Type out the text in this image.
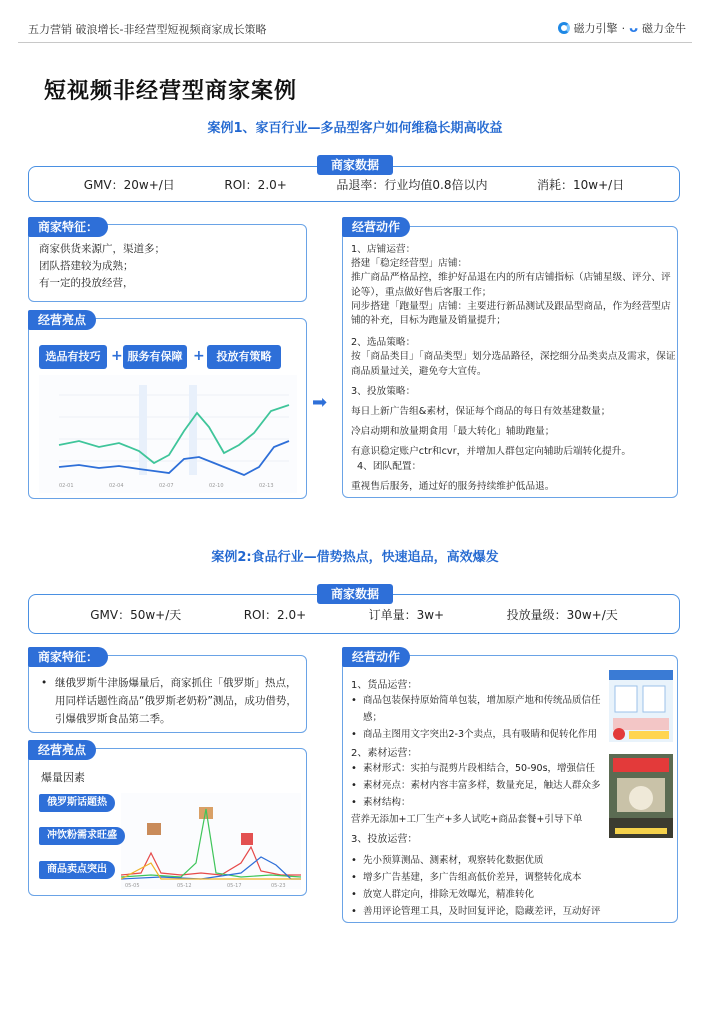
五力营销 破浪增长-非经营型短视频商家成长策略	磁力引擎 · ᴗ 磁力金牛
短视频非经营型商家案例
案例1、家百行业—多品型客户如何维稳长期高收益
GMV：20w+/日	ROI：2.0+	品退率：行业均值0.8倍以内	消耗：10w+/日
商家数据
商家供货来源广，渠道多；
团队搭建较为成熟；
有一定的投放经营，
商家特征：
选品有技巧 + 服务有保障 +	投放有策略
02-01	02-04	02-07	02-10	02-13
经营亮点
➡
1、店铺运营：
搭建「稳定经营型」店铺：
推广商品严格品控，维护好品退在内的所有店铺指标（店铺星级、评分、评论等），重点做好售后客服工作；
同步搭建「跑量型」店铺：主要进行新品测试及跟品型商品，作为经营型店铺的补充，目标为跑量及销量提升；
2、选品策略：
按「商品类目」「商品类型」划分选品路径，深挖细分品类卖点及需求，保证商品质量过关，避免夸大宣传。
3、投放策略：
每日上新广告组&素材，保证每个商品的每日有效基建数量；
冷启动期和放量期食用「最大转化」辅助跑量；
有意识稳定账户ctr和cvr，并增加人群包定向辅助后端转化提升。
4、团队配置：
重视售后服务，通过好的服务持续维护低品退。
经营动作
案例2:食品行业—借势热点，快速追品，高效爆发
GMV：50w+/天	ROI：2.0+	订单量：3w+	投放量级：30w+/天
商家数据
• 继俄罗斯牛津肠爆量后，商家抓住「俄罗斯」热点，用同样话题性商品“俄罗斯老奶粉”测品，成功借势，引爆俄罗斯食品第二季。
商家特征：
爆量因素
05-05	05-12	05-17	05-23
俄罗斯话题热
冲饮粉需求旺盛
商品卖点突出
经营亮点
1、货品运营：
• 商品包装保持原始简单包装，增加原产地和传统品质信任感；
• 商品主图用文字突出2-3个卖点，具有吸睛和促转化作用
2、素材运营：
• 素材形式：实拍与混剪片段相结合，50-90s，增强信任
• 素材亮点：素材内容丰富多样，数量充足，触达人群众多
• 素材结构：
营养无添加+工厂生产+多人试吃+商品套餐+引导下单
3、投放运营：
• 先小预算测品、测素材，观察转化数据优质
• 增多广告基建，多广告组高低价差异，调整转化成本
• 放宽人群定向，排除无效曝光，精准转化
• 善用评论管理工具，及时回复评论，隐藏差评，互动好评
经营动作
